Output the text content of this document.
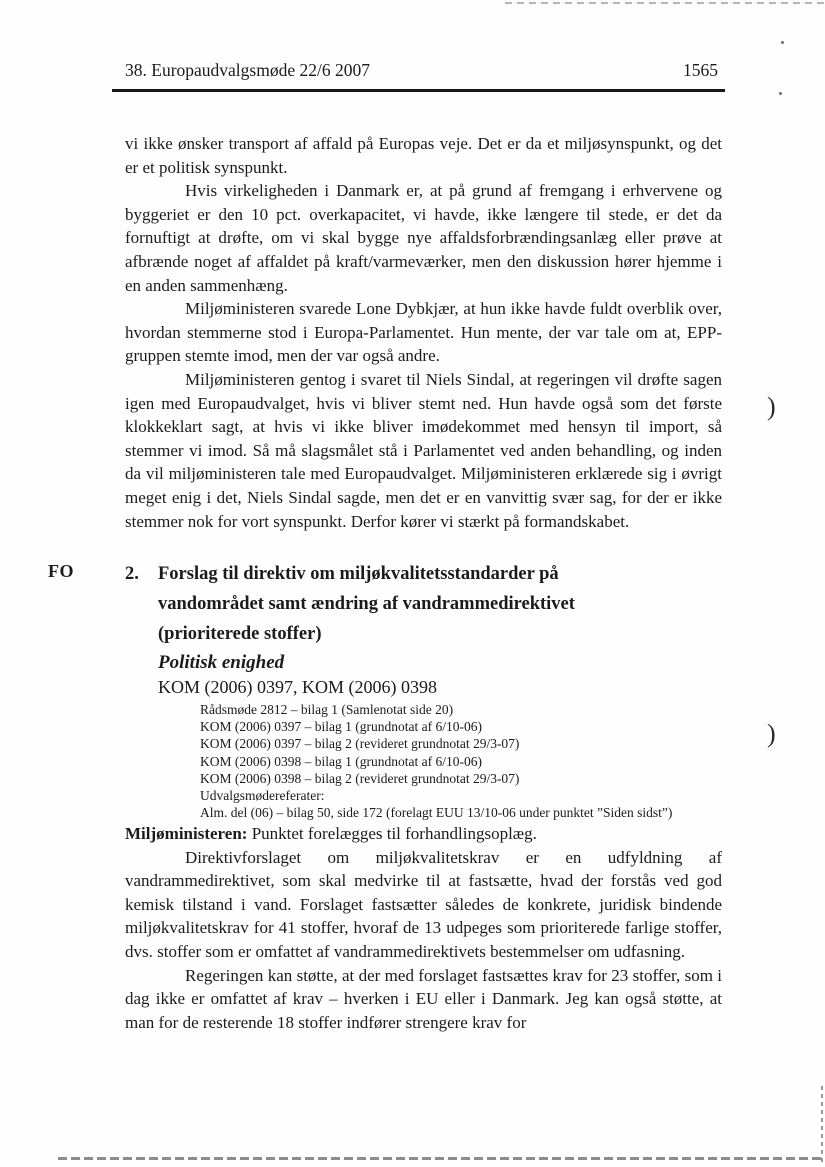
38. Europaudvalgsmøde 22/6 2007	1565

vi ikke ønsker transport af affald på Europas veje. Det er da et miljøsynspunkt, og det er et politisk synspunkt.

Hvis virkeligheden i Danmark er, at på grund af fremgang i erhvervene og byggeriet er den 10 pct. overkapacitet, vi havde, ikke længere til stede, er det da fornuftigt at drøfte, om vi skal bygge nye affaldsforbrændingsanlæg eller prøve at afbrænde noget af affaldet på kraft/varmeværker, men den diskussion hører hjemme i en anden sammenhæng.

Miljøministeren svarede Lone Dybkjær, at hun ikke havde fuldt overblik over, hvordan stemmerne stod i Europa-Parlamentet. Hun mente, der var tale om at, EPP-gruppen stemte imod, men der var også andre.

Miljøministeren gentog i svaret til Niels Sindal, at regeringen vil drøfte sagen igen med Europaudvalget, hvis vi bliver stemt ned. Hun havde også som det første klokkeklart sagt, at hvis vi ikke bliver imødekommet med hensyn til import, så stemmer vi imod. Så må slagsmålet stå i Parlamentet ved anden behandling, og inden da vil miljøministeren tale med Europaudvalget. Miljøministeren erklærede sig i øvrigt meget enig i det, Niels Sindal sagde, men det er en vanvittig svær sag, for der er ikke stemmer nok for vort synspunkt. Derfor kører vi stærkt på formandskabet.

FO	2.	Forslag til direktiv om miljøkvalitetsstandarder på vandområdet samt ændring af vandrammedirektivet (prioriterede stoffer)
Politisk enighed
KOM (2006) 0397, KOM (2006) 0398
Rådsmøde 2812 – bilag 1 (Samlenotat side 20)
KOM (2006) 0397 – bilag 1 (grundnotat af 6/10-06)
KOM (2006) 0397 – bilag 2 (revideret grundnotat 29/3-07)
KOM (2006) 0398 – bilag 1 (grundnotat af 6/10-06)
KOM (2006) 0398 – bilag 2 (revideret grundnotat 29/3-07)
Udvalgsmødereferater:
Alm. del (06) – bilag 50, side 172 (forelagt EUU 13/10-06 under punktet ”Siden sidst”)

Miljøministeren: Punktet forelægges til forhandlingsoplæg.

Direktivforslaget om miljøkvalitetskrav er en udfyldning af vandrammedirektivet, som skal medvirke til at fastsætte, hvad der forstås ved god kemisk tilstand i vand. Forslaget fastsætter således de konkrete, juridisk bindende miljøkvalitetskrav for 41 stoffer, hvoraf de 13 udpeges som prioriterede farlige stoffer, dvs. stoffer som er omfattet af vandrammedirektivets bestemmelser om udfasning.

Regeringen kan støtte, at der med forslaget fastsættes krav for 23 stoffer, som i dag ikke er omfattet af krav – hverken i EU eller i Danmark. Jeg kan også støtte, at man for de resterende 18 stoffer indfører strengere krav for

)
)
